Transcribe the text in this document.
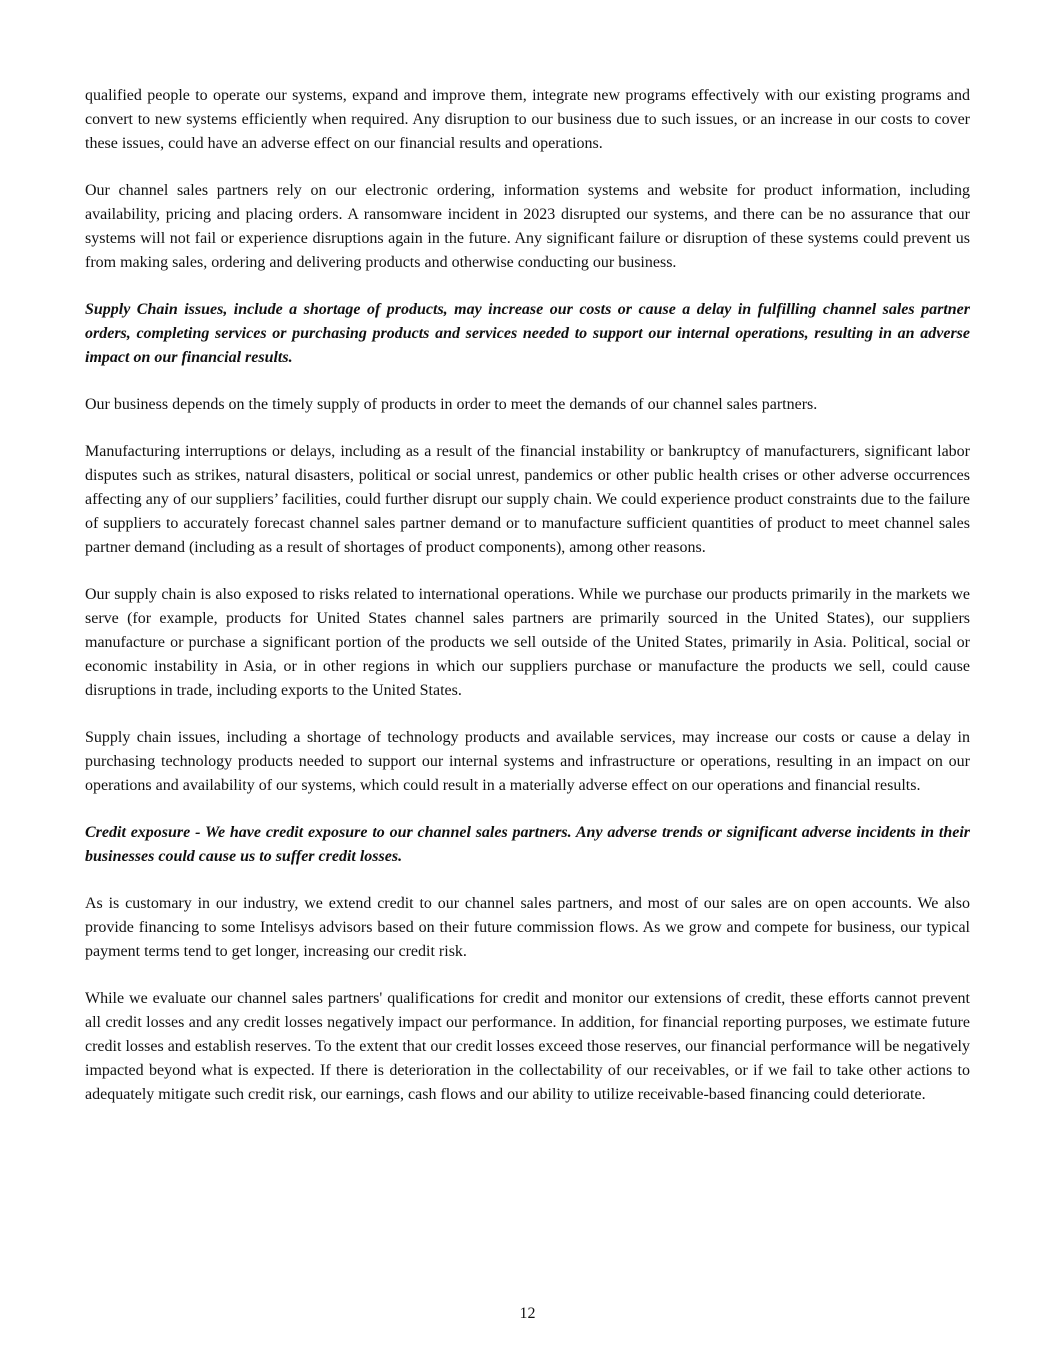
qualified people to operate our systems, expand and improve them, integrate new programs effectively with our existing programs and convert to new systems efficiently when required. Any disruption to our business due to such issues, or an increase in our costs to cover these issues, could have an adverse effect on our financial results and operations.

Our channel sales partners rely on our electronic ordering, information systems and website for product information, including availability, pricing and placing orders. A ransomware incident in 2023 disrupted our systems, and there can be no assurance that our systems will not fail or experience disruptions again in the future. Any significant failure or disruption of these systems could prevent us from making sales, ordering and delivering products and otherwise conducting our business.

Supply Chain issues, include a shortage of products, may increase our costs or cause a delay in fulfilling channel sales partner orders, completing services or purchasing products and services needed to support our internal operations, resulting in an adverse impact on our financial results.

Our business depends on the timely supply of products in order to meet the demands of our channel sales partners.

Manufacturing interruptions or delays, including as a result of the financial instability or bankruptcy of manufacturers, significant labor disputes such as strikes, natural disasters, political or social unrest, pandemics or other public health crises or other adverse occurrences affecting any of our suppliers’ facilities, could further disrupt our supply chain. We could experience product constraints due to the failure of suppliers to accurately forecast channel sales partner demand or to manufacture sufficient quantities of product to meet channel sales partner demand (including as a result of shortages of product components), among other reasons.

Our supply chain is also exposed to risks related to international operations. While we purchase our products primarily in the markets we serve (for example, products for United States channel sales partners are primarily sourced in the United States), our suppliers manufacture or purchase a significant portion of the products we sell outside of the United States, primarily in Asia. Political, social or economic instability in Asia, or in other regions in which our suppliers purchase or manufacture the products we sell, could cause disruptions in trade, including exports to the United States.

Supply chain issues, including a shortage of technology products and available services, may increase our costs or cause a delay in purchasing technology products needed to support our internal systems and infrastructure or operations, resulting in an impact on our operations and availability of our systems, which could result in a materially adverse effect on our operations and financial results.

Credit exposure - We have credit exposure to our channel sales partners. Any adverse trends or significant adverse incidents in their businesses could cause us to suffer credit losses.

As is customary in our industry, we extend credit to our channel sales partners, and most of our sales are on open accounts. We also provide financing to some Intelisys advisors based on their future commission flows. As we grow and compete for business, our typical payment terms tend to get longer, increasing our credit risk.

While we evaluate our channel sales partners' qualifications for credit and monitor our extensions of credit, these efforts cannot prevent all credit losses and any credit losses negatively impact our performance. In addition, for financial reporting purposes, we estimate future credit losses and establish reserves. To the extent that our credit losses exceed those reserves, our financial performance will be negatively impacted beyond what is expected. If there is deterioration in the collectability of our receivables, or if we fail to take other actions to adequately mitigate such credit risk, our earnings, cash flows and our ability to utilize receivable-based financing could deteriorate.

12
